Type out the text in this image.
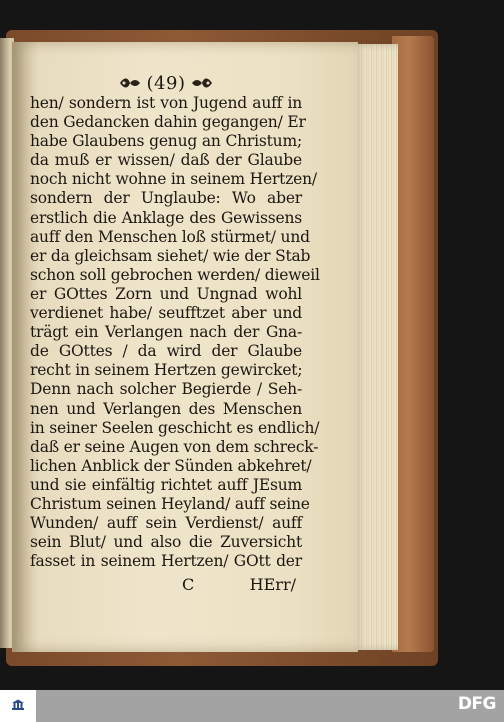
(49)
hen/ sondern ist von Jugend auff in
den Gedancken dahin gegangen/ Er
habe Glaubens genug an Christum;
da muß er wissen/ daß der Glaube
noch nicht wohne in seinem Hertzen/
sondern der Unglaube: Wo aber
erstlich die Anklage des Gewissens
auff den Menschen loß stürmet/ und
er da gleichsam siehet/ wie der Stab
schon soll gebrochen werden/ dieweil
er GOttes Zorn und Ungnad wohl
verdienet habe/ seufftzet aber und
trägt ein Verlangen nach der Gna-
de GOttes / da wird der Glaube
recht in seinem Hertzen gewircket;
Denn nach solcher Begierde / Seh-
nen und Verlangen des Menschen
in seiner Seelen geschicht es endlich/
daß er seine Augen von dem schreck-
lichen Anblick der Sünden abkehret/
und sie einfältig richtet auff JEsum
Christum seinen Heyland/ auff seine
Wunden/ auff sein Verdienst/ auff
sein Blut/ und also die Zuversicht
fasset in seinem Hertzen/ GOtt der
C	HErr/
DFG
